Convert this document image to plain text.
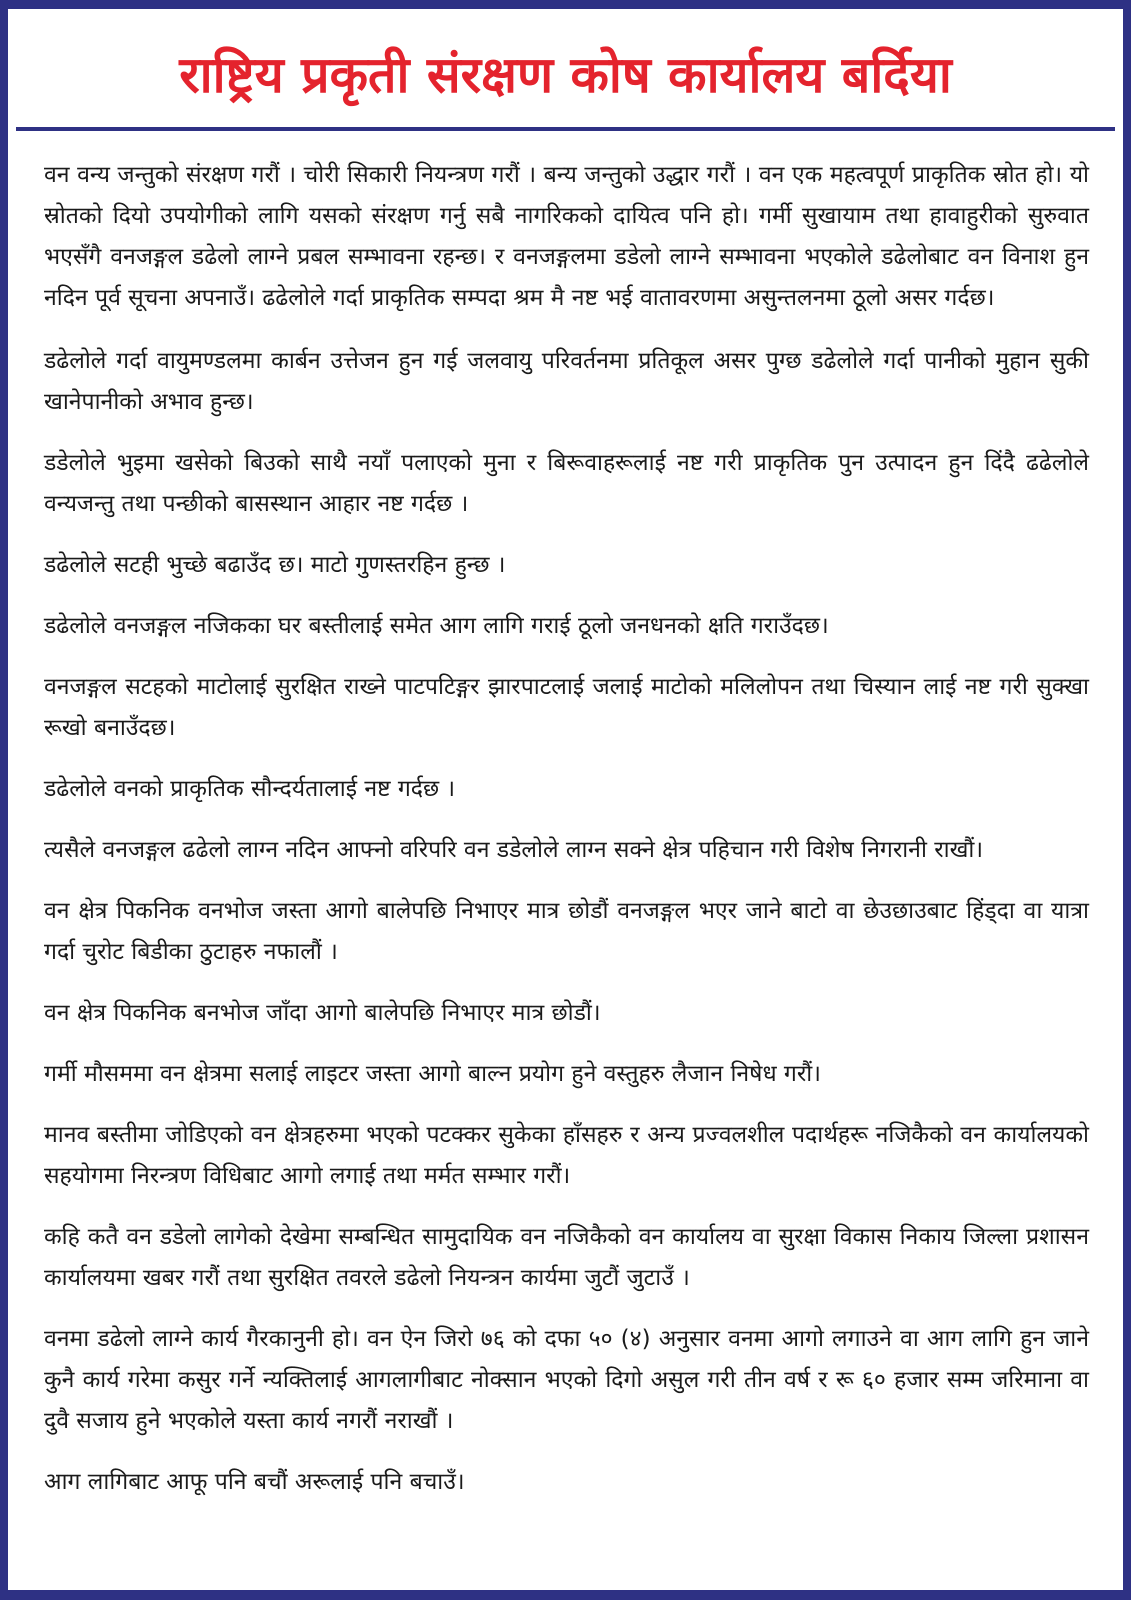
राष्ट्रिय प्रकृती संरक्षण कोष कार्यालय बर्दिया

वन वन्य जन्तुको संरक्षण गरौं । चोरी सिकारी नियन्त्रण गरौं । बन्य जन्तुको उद्धार गरौं । वन एक महत्वपूर्ण प्राकृतिक स्रोत हो। यो स्रोतको दियो उपयोगीको लागि यसको संरक्षण गर्नु सबै नागरिकको दायित्व पनि हो। गर्मी सुखायाम तथा हावाहुरीको सुरुवात भएसँगै वनजङ्गल डढेलो लाग्ने प्रबल सम्भावना रहन्छ। र वनजङ्गलमा डडेलो लाग्ने सम्भावना भएकोले डढेलोबाट वन विनाश हुन नदिन पूर्व सूचना अपनाउँ। ढढेलोले गर्दा प्राकृतिक सम्पदा श्रम मै नष्ट भई वातावरणमा असुन्तलनमा ठूलो असर गर्दछ।

डढेलोले गर्दा वायुमण्डलमा कार्बन उत्तेजन हुन गई जलवायु परिवर्तनमा प्रतिकूल असर पुग्छ डढेलोले गर्दा पानीको मुहान सुकी खानेपानीको अभाव हुन्छ।

डडेलोले भुइमा खसेको बिउको साथै नयाँ पलाएको मुना र बिरूवाहरूलाई नष्ट गरी प्राकृतिक पुन उत्पादन हुन दिंदै ढढेलोले वन्यजन्तु तथा पन्छीको बासस्थान आहार नष्ट गर्दछ ।

डढेलोले सटही भुच्छे बढाउँद छ। माटो गुणस्तरहिन हुन्छ ।

डढेलोले वनजङ्गल नजिकका घर बस्तीलाई समेत आग लागि गराई ठूलो जनधनको क्षति गराउँदछ।

वनजङ्गल सटहको माटोलाई सुरक्षित राख्ने पाटपटिङ्गर झारपाटलाई जलाई माटोको मलिलोपन तथा चिस्यान लाई नष्ट गरी सुक्खा रूखो बनाउँदछ।

डढेलोले वनको प्राकृतिक सौन्दर्यतालाई नष्ट गर्दछ ।

त्यसैले वनजङ्गल ढढेलो लाग्न नदिन आफ्नो वरिपरि वन डडेलोले लाग्न सक्ने क्षेत्र पहिचान गरी विशेष निगरानी राखौं।

वन क्षेत्र पिकनिक वनभोज जस्ता आगो बालेपछि निभाएर मात्र छोडौं वनजङ्गल भएर जाने बाटो वा छेउछाउबाट हिंड्दा वा यात्रा गर्दा चुरोट बिडीका ठुटाहरु नफालौं ।

वन क्षेत्र पिकनिक बनभोज जाँदा आगो बालेपछि निभाएर मात्र छोडौं।

गर्मी मौसममा वन क्षेत्रमा सलाई लाइटर जस्ता आगो बाल्न प्रयोग हुने वस्तुहरु लैजान निषेध गरौं।

मानव बस्तीमा जोडिएको वन क्षेत्रहरुमा भएको पटक्कर सुकेका हाँसहरु र अन्य प्रज्वलशील पदार्थहरू नजिकैको वन कार्यालयको सहयोगमा निरन्त्रण विधिबाट आगो लगाई तथा मर्मत सम्भार गरौं।

कहि कतै वन डडेलो लागेको देखेमा सम्बन्धित सामुदायिक वन नजिकैको वन कार्यालय वा सुरक्षा विकास निकाय जिल्ला प्रशासन कार्यालयमा खबर गरौं तथा सुरक्षित तवरले डढेलो नियन्त्रन कार्यमा जुटौं जुटाउँ ।

वनमा डढेलो लाग्ने कार्य गैरकानुनी हो। वन ऐन जिरो ७६ को दफा ५० (४) अनुसार वनमा आगो लगाउने वा आग लागि हुन जाने कुनै कार्य गरेमा कसुर गर्ने न्यक्तिलाई आगलागीबाट नोक्सान भएको दिगो असुल गरी तीन वर्ष र रू ६० हजार सम्म जरिमाना वा दुवै सजाय हुने भएकोले यस्ता कार्य नगरौं नराखौं ।

आग लागिबाट आफू पनि बचौं अरूलाई पनि बचाउँ।
